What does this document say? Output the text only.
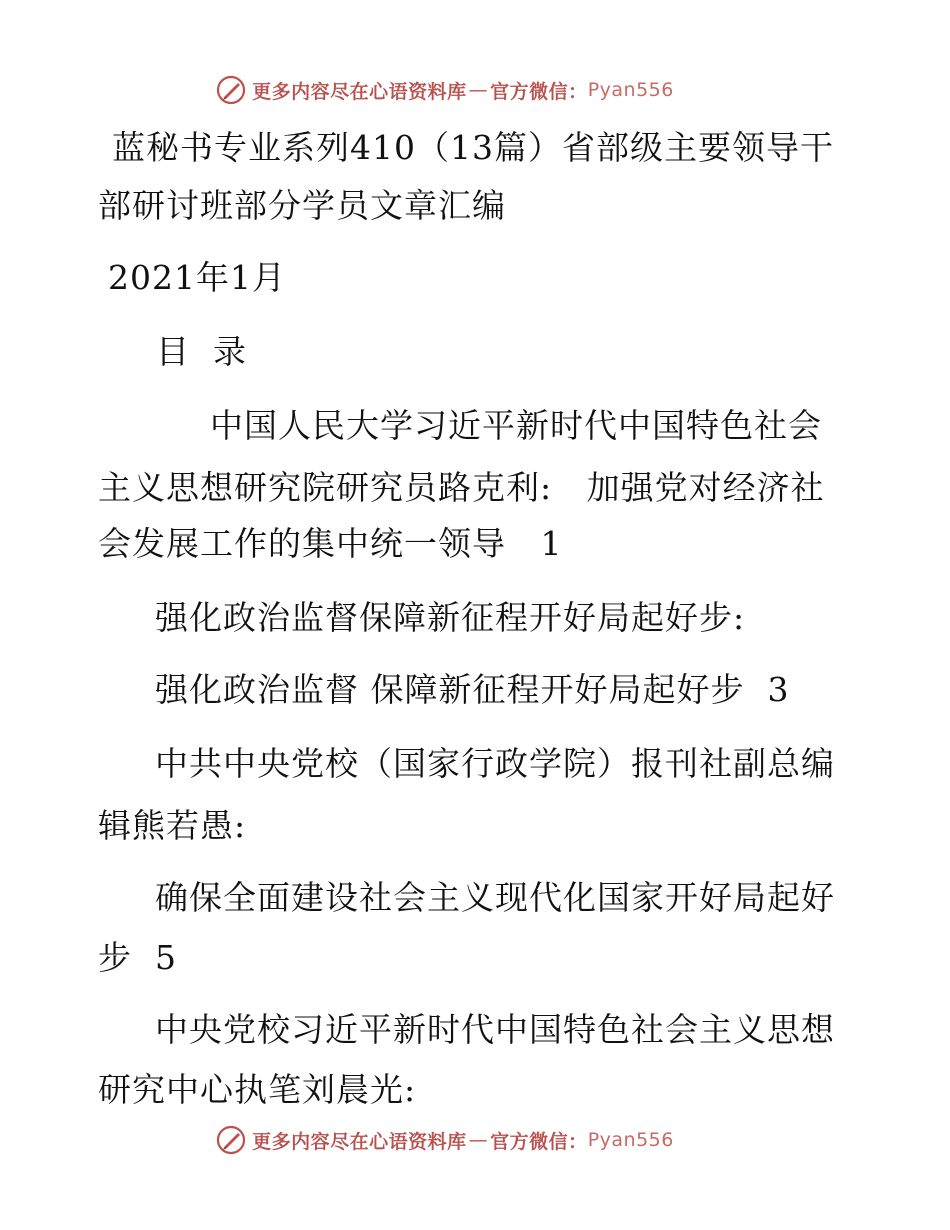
更多内容尽在心语资料库 — 官方微信： Pyan556
蓝秘书专业系列410（13篇）省部级主要领导干
部研讨班部分学员文章汇编
2021年1月
目  录
中国人民大学习近平新时代中国特色社会
主义思想研究院研究员路克利:   加强党对经济社
会发展工作的集中统一领导   1
强化政治监督保障新征程开好局起好步:
强化政治监督 保障新征程开好局起好步  3
中共中央党校（国家行政学院）报刊社副总编
辑熊若愚:
确保全面建设社会主义现代化国家开好局起好
步  5
中央党校习近平新时代中国特色社会主义思想
研究中心执笔刘晨光:
更多内容尽在心语资料库 — 官方微信： Pyan556
